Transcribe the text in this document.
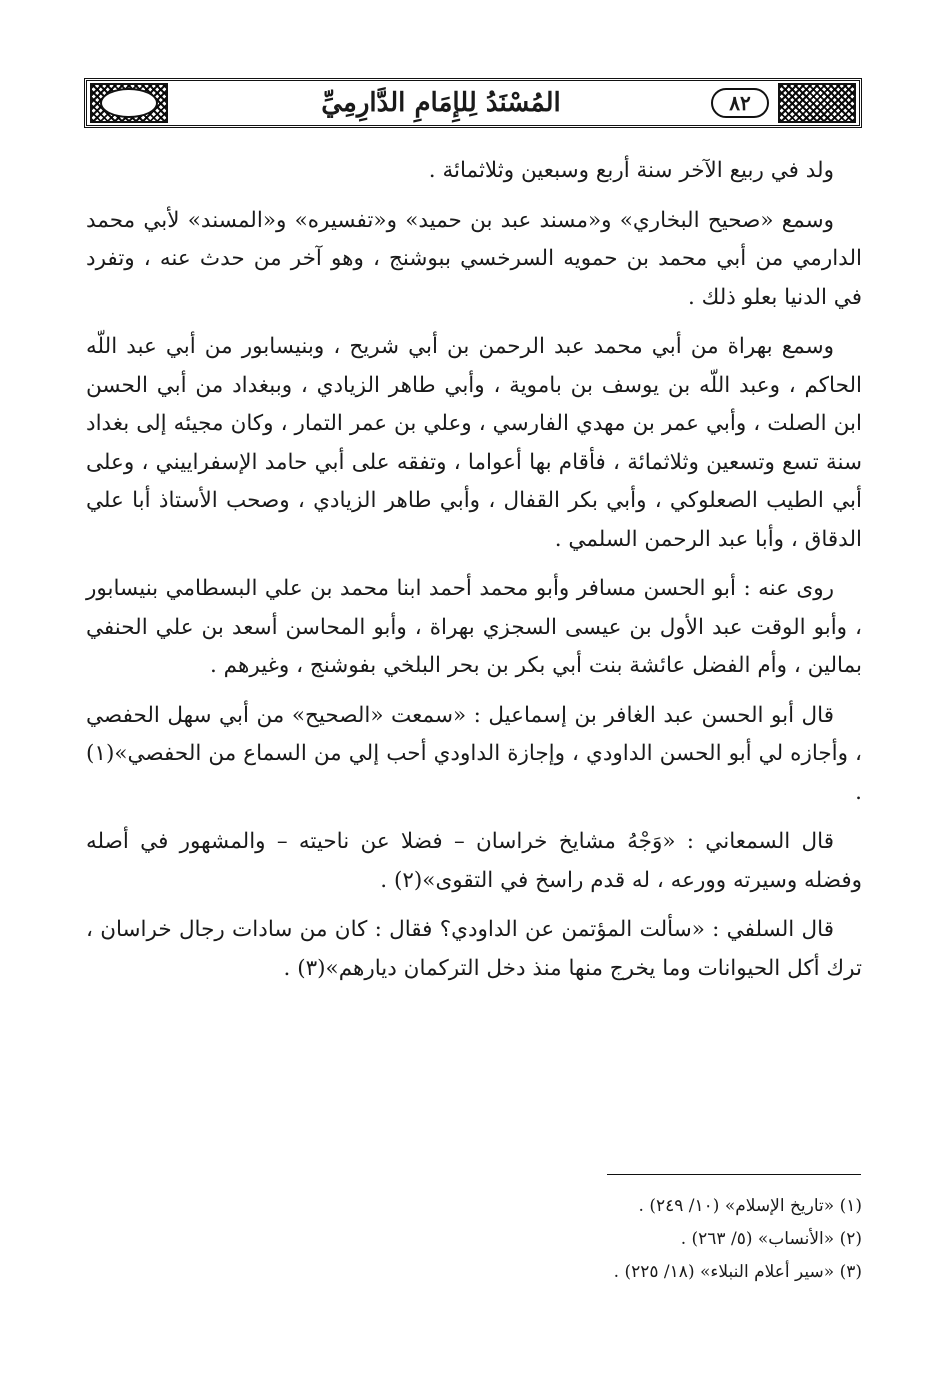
المُسْنَدُ لِلإِمَامِ الدَّارِمِيِّ	٨٢

ولد في ربيع الآخر سنة أربع وسبعين وثلاثمائة .

وسمع «صحيح البخاري» و«مسند عبد بن حميد» و«تفسيره» و«المسند» لأبي محمد الدارمي من أبي محمد بن حمويه السرخسي ببوشنج ، وهو آخر من حدث عنه ، وتفرد في الدنيا بعلو ذلك .

وسمع بهراة من أبي محمد عبد الرحمن بن أبي شريح ، وبنيسابور من أبي عبد اللّه الحاكم ، وعبد اللّه بن يوسف بن باموية ، وأبي طاهر الزيادي ، وببغداد من أبي الحسن ابن الصلت ، وأبي عمر بن مهدي الفارسي ، وعلي بن عمر التمار ، وكان مجيئه إلى بغداد سنة تسع وتسعين وثلاثمائة ، فأقام بها أعواما ، وتفقه على أبي حامد الإسفراييني ، وعلى أبي الطيب الصعلوكي ، وأبي بكر القفال ، وأبي طاهر الزيادي ، وصحب الأستاذ أبا علي الدقاق ، وأبا عبد الرحمن السلمي .

روى عنه : أبو الحسن مسافر وأبو محمد أحمد ابنا محمد بن علي البسطامي بنيسابور ، وأبو الوقت عبد الأول بن عيسى السجزي بهراة ، وأبو المحاسن أسعد بن علي الحنفي بمالين ، وأم الفضل عائشة بنت أبي بكر بن بحر البلخي بفوشنج ، وغيرهم .

قال أبو الحسن عبد الغافر بن إسماعيل : «سمعت «الصحيح» من أبي سهل الحفصي ، وأجازه لي أبو الحسن الداودي ، وإجازة الداودي أحب إلي من السماع من الحفصي»(١) .

قال السمعاني : «وَجْهُ مشايخ خراسان – فضلا عن ناحيته – والمشهور في أصله وفضله وسيرته وورعه ، له قدم راسخ في التقوى»(٢) .

قال السلفي : «سألت المؤتمن عن الداودي؟ فقال : كان من سادات رجال خراسان ، ترك أكل الحيوانات وما يخرج منها منذ دخل التركمان ديارهم»(٣) .

(١) «تاريخ الإسلام» (١٠/ ٢٤٩) .
(٢) «الأنساب» (٥/ ٢٦٣) .
(٣) «سير أعلام النبلاء» (١٨/ ٢٢٥) .
